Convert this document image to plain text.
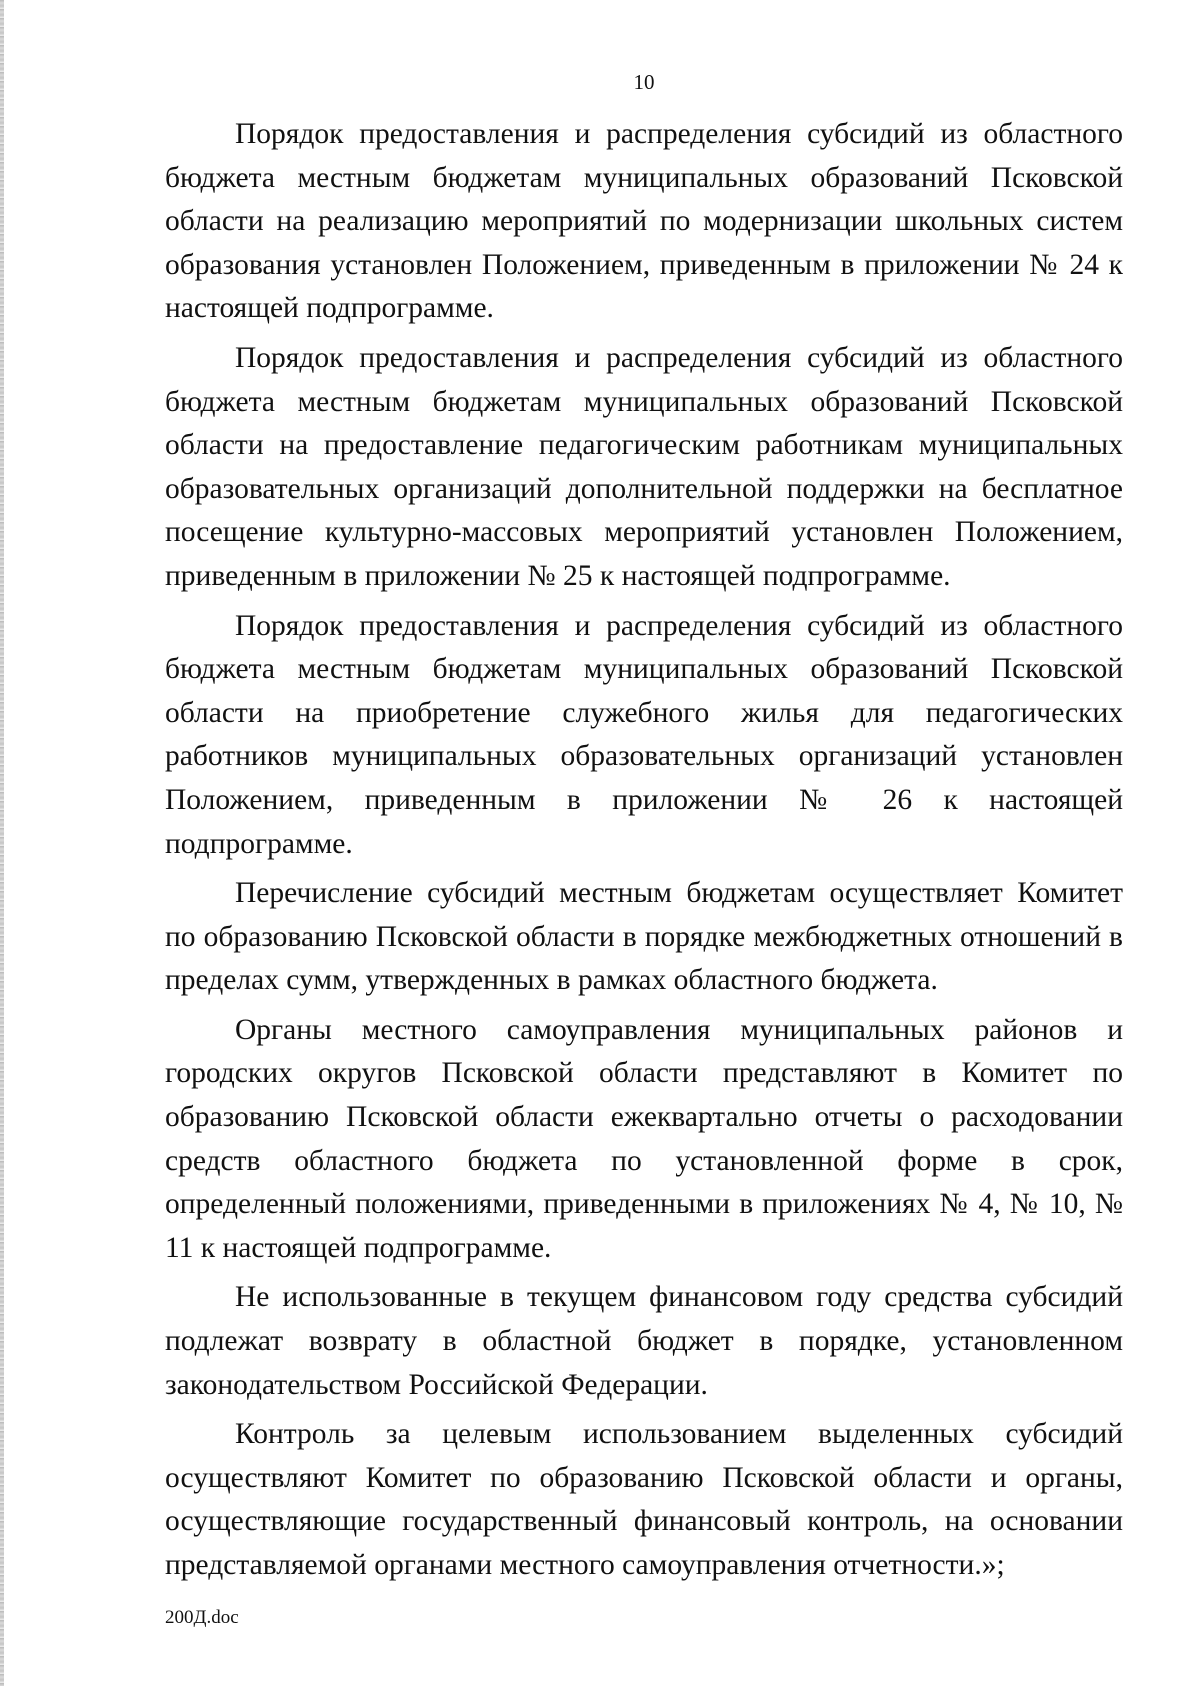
10

Порядок предоставления и распределения субсидий из областного бюджета местным бюджетам муниципальных образований Псковской области на реализацию мероприятий по модернизации школьных систем образования установлен Положением, приведенным в приложении № 24 к настоящей подпрограмме.

Порядок предоставления и распределения субсидий из областного бюджета местным бюджетам муниципальных образований Псковской области на предоставление педагогическим работникам муниципальных образовательных организаций дополнительной поддержки на бесплатное посещение культурно-массовых мероприятий установлен Положением, приведенным в приложении № 25 к настоящей подпрограмме.

Порядок предоставления и распределения субсидий из областного бюджета местным бюджетам муниципальных образований Псковской области на приобретение служебного жилья для педагогических работников муниципальных образовательных организаций установлен Положением, приведенным в приложении № 26 к настоящей подпрограмме.

Перечисление субсидий местным бюджетам осуществляет Комитет по образованию Псковской области в порядке межбюджетных отношений в пределах сумм, утвержденных в рамках областного бюджета.

Органы местного самоуправления муниципальных районов и городских округов Псковской области представляют в Комитет по образованию Псковской области ежеквартально отчеты о расходовании средств областного бюджета по установленной форме в срок, определенный положениями, приведенными в приложениях № 4, № 10, № 11 к настоящей подпрограмме.

Не использованные в текущем финансовом году средства субсидий подлежат возврату в областной бюджет в порядке, установленном законодательством Российской Федерации.

Контроль за целевым использованием выделенных субсидий осуществляют Комитет по образованию Псковской области и органы, осуществляющие государственный финансовый контроль, на основании представляемой органами местного самоуправления отчетности.»;

200Д.doc
